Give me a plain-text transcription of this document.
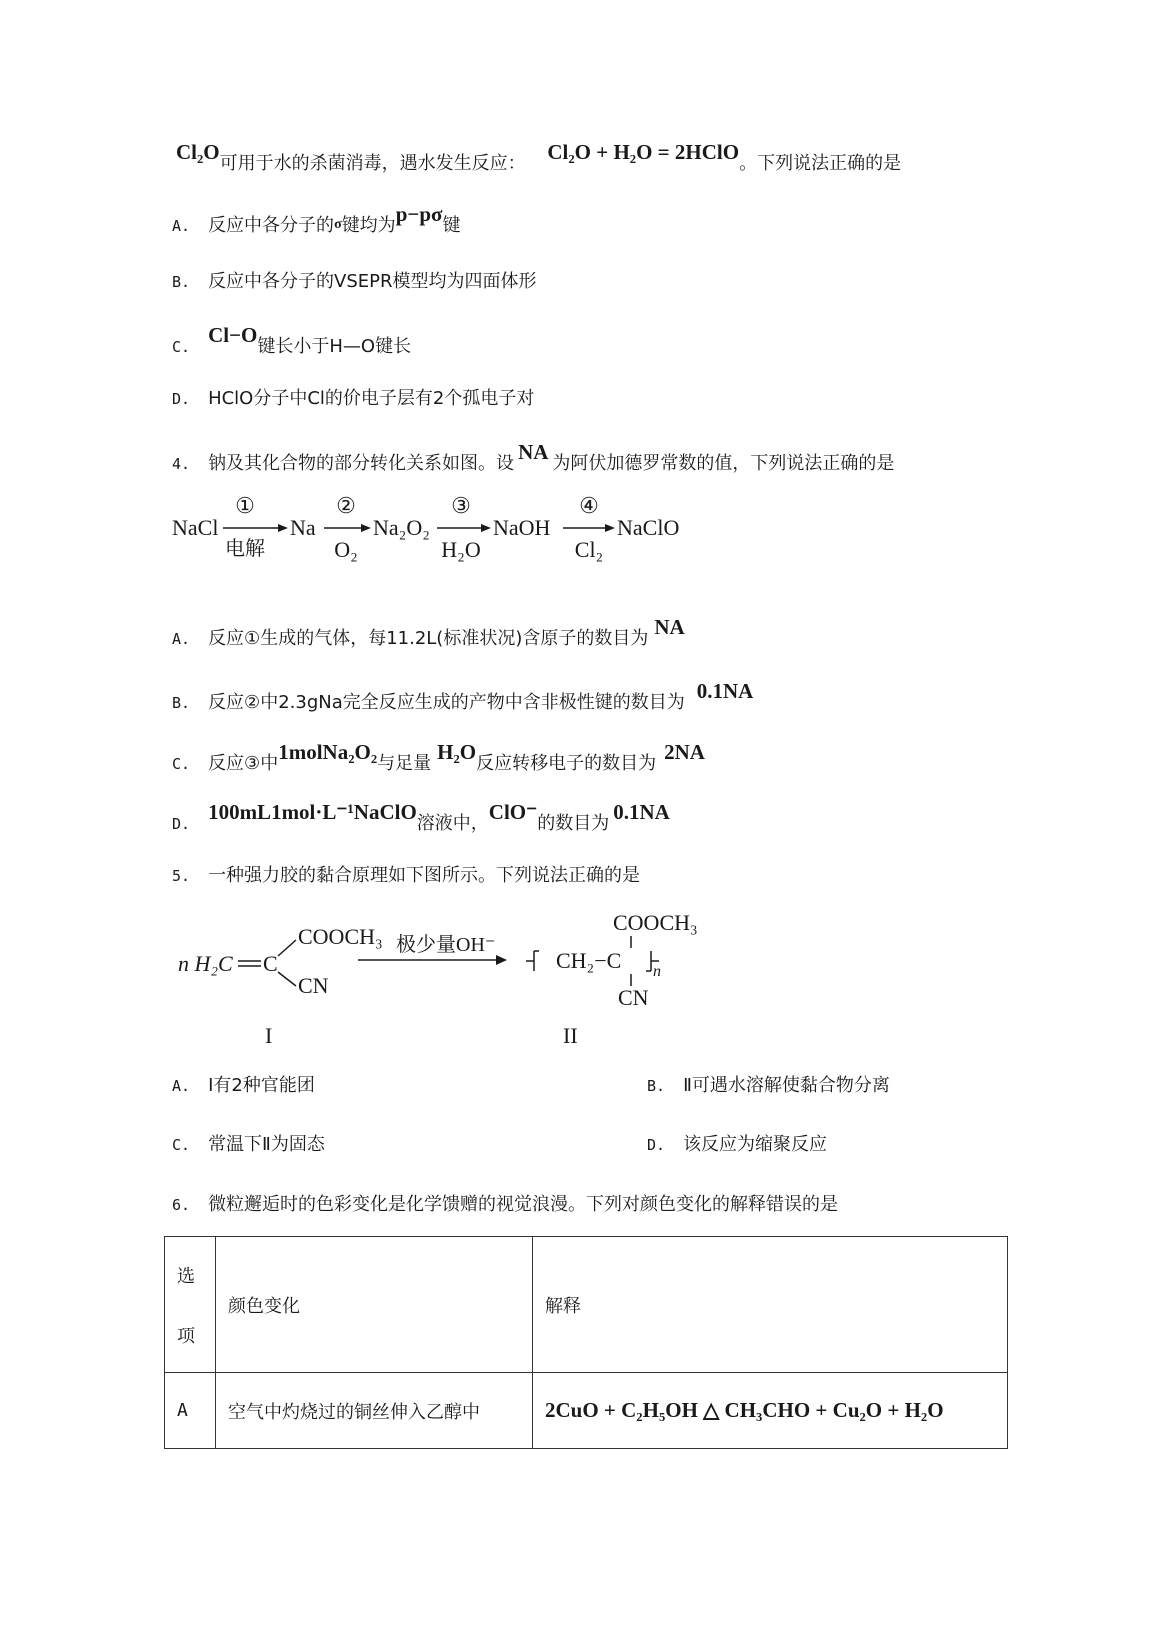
Cl₂O可用于水的杀菌消毒，遇水发生反应： Cl₂O + H₂O = 2HClO。下列说法正确的是
A. 反应中各分子的σ键均为p−pσ键
B. 反应中各分子的VSEPR模型均为四面体形
C. Cl−O键长小于H—O键长
D. HClO分子中Cl的价电子层有2个孤电子对
4. 钠及其化合物的部分转化关系如图。设 NA 为阿伏加德罗常数的值，下列说法正确的是
NaCl	Na	Na₂O₂	NaOH	NaClO
①	②	③	④
电解	O₂	H₂O	Cl₂
A. 反应①生成的气体，每11.2L(标准状况)含原子的数目为 NA
B. 反应②中2.3gNa完全反应生成的产物中含非极性键的数目为 0.1NA
C. 反应③中1molNa₂O₂与足量 H₂O反应转移电子的数目为 2NA
D. 100mL1mol·L⁻¹NaClO溶液中，ClO⁻的数目为 0.1NA
5. 一种强力胶的黏合原理如下图所示。下列说法正确的是
n H₂C C
COOCH₃
CN
极少量OH⁻
COOCH₃
CH₂−C n
CN
I	II
A. Ⅰ有2种官能团	B. Ⅱ可遇水溶解使黏合物分离
C. 常温下Ⅱ为固态	D. 该反应为缩聚反应
6. 微粒邂逅时的色彩变化是化学馈赠的视觉浪漫。下列对颜色变化的解释错误的是
选
项	颜色变化	解释
A	空气中灼烧过的铜丝伸入乙醇中	2CuO + C₂H₅OH △ CH₃CHO + Cu₂O + H₂O
